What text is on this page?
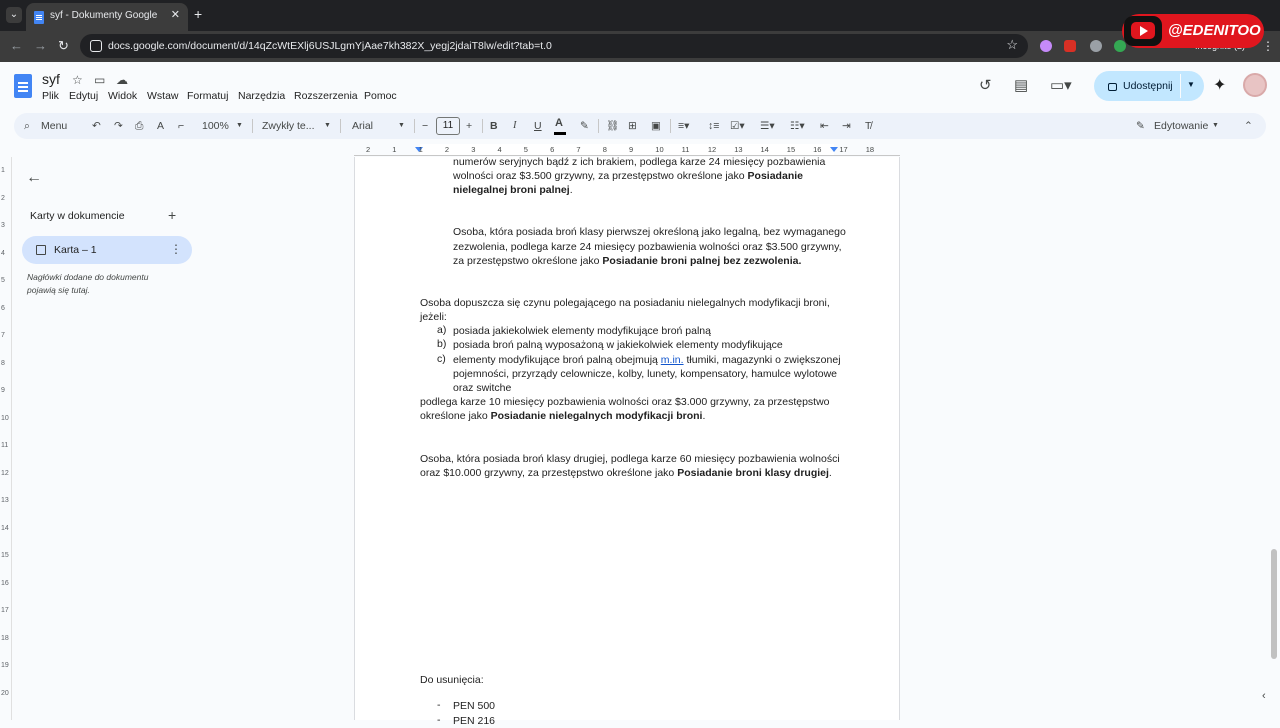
⌄	syf - Dokumenty Google ✕ +
@EDENITOO
← → ↻	docs.google.com/document/d/14qZcWtEXlj6USJLgmYjAae7kh382X_yegj2jdaiT8lw/edit?tab=t.0	☆	⋮
syf ☆ ▭ ☁
Plik Edytuj Widok Wstaw Formatuj Narzędzia Rozszerzenia Pomoc
↺ ▤ ▭▾	Udostępnij ▼ ✦
⌕ Menu ↶ ↷ ⎙ A ⌐ 100% ▼ Zwykły te... ▼ Arial	▼ −	11	+ B I U A ✎ ⛓ ⊞ ▣ ≡▾ ↕≡ ☑▾ ☰▾ ☷▾ ⇤ ⇥ T̸	✎ Edytowanie ▼ ⌃
1
2
3
4
5
6
7
8
9
10
11
12
13
14
15
16
17
18
19
20
←
Karty w dokumencie	+
Karta – 1	⋮
Nagłówki dodane do dokumentu pojawią się tutaj.
2	1	1	2	3	4	5	6	7	8	9	10 11 12 13 14 15 16 17 18
numerów seryjnych bądź z ich brakiem, podlega karze 24 miesięcy pozbawienia
wolności oraz $3.500 grzywny, za przestępstwo określone jako Posiadanie
nielegalnej broni palnej.
Osoba, która posiada broń klasy pierwszej określoną jako legalną, bez wymaganego
zezwolenia, podlega karze 24 miesięcy pozbawienia wolności oraz $3.500 grzywny,
za przestępstwo określone jako Posiadanie broni palnej bez zezwolenia.
Osoba dopuszcza się czynu polegającego na posiadaniu nielegalnych modyfikacji broni,
jeżeli:
a) posiada jakiekolwiek elementy modyfikujące broń palną
b) posiada broń palną wyposażoną w jakiekolwiek elementy modyfikujące
c) elementy modyfikujące broń palną obejmują m.in. tłumiki, magazynki o zwiększonej
pojemności, przyrządy celownicze, kolby, lunety, kompensatory, hamulce wylotowe
oraz switche
podlega karze 10 miesięcy pozbawienia wolności oraz $3.000 grzywny, za przestępstwo
określone jako Posiadanie nielegalnych modyfikacji broni.
Osoba, która posiada broń klasy drugiej, podlega karze 60 miesięcy pozbawienia wolności
oraz $10.000 grzywny, za przestępstwo określone jako Posiadanie broni klasy drugiej.
Do usunięcia:
- PEN 500
- PEN 216
‹
